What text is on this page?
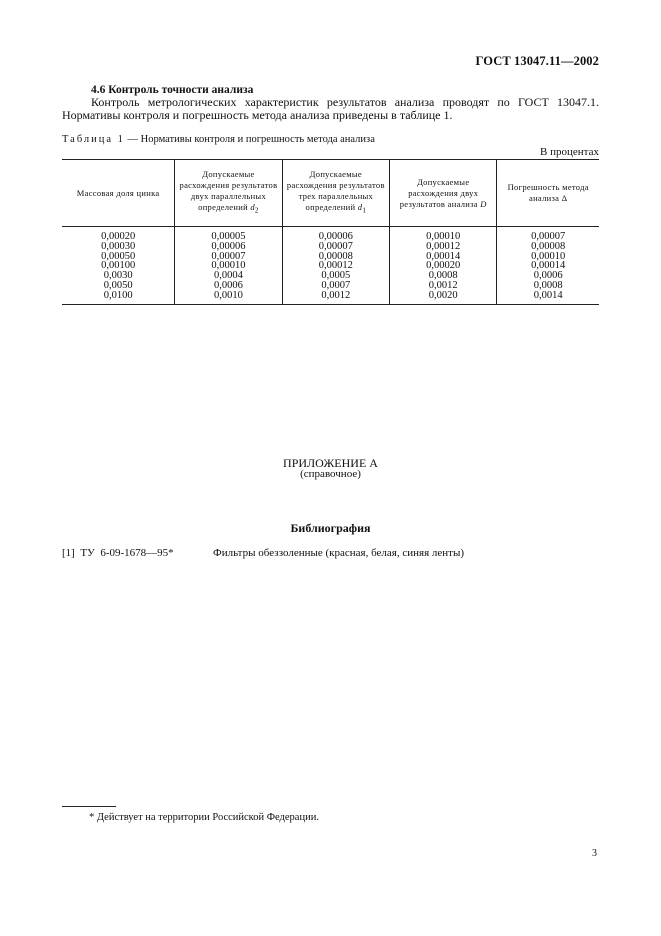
ГОСТ 13047.11—2002
4.6 Контроль точности анализа
Контроль метрологических характеристик результатов анализа проводят по ГОСТ 13047.1.
Нормативы контроля и погрешность метода анализа приведены в таблице 1.
Таблица 1 — Нормативы контроля и погрешность метода анализа
В процентах
Массовая доля цинка	Допускаемые расхождения результатов двух параллельных определений $d_2$	Допускаемые расхождения результатов трех параллельных определений $d_1$	Допускаемые расхождения двух результатов анализа D	Погрешность метода анализа Δ
0,00020	0,00005	0,00006	0,00010	0,00007
0,00030	0,00006	0,00007	0,00012	0,00008
0,00050	0,00007	0,00008	0,00014	0,00010
0,00100	0,00010	0,00012	0,00020	0,00014
0,0030	0,0004	0,0005	0,0008	0,0006
0,0050	0,0006	0,0007	0,0012	0,0008
0,0100	0,0010	0,0012	0,0020	0,0014
ПРИЛОЖЕНИЕ А
(справочное)
Библиография
[1]  ТУ  6-09-1678—95*	Фильтры обеззоленные (красная, белая, синяя ленты)
* Действует на территории Российской Федерации.
3
